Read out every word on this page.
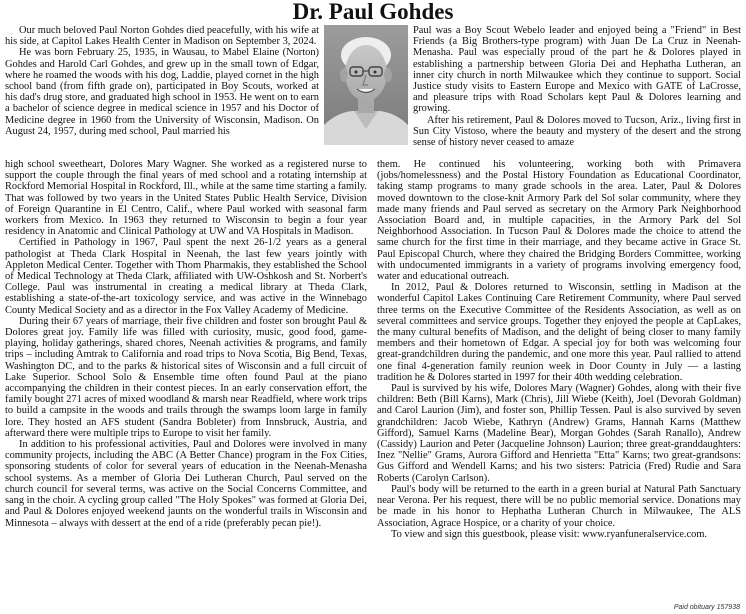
Dr. Paul Gohdes

Our much beloved Paul Norton Gohdes died peacefully, with his wife at his side, at Capitol Lakes Health Center in Madison on September 3, 2024.

He was born February 25, 1935, in Wausau, to Mabel Elaine (Norton) Gohdes and Harold Carl Gohdes, and grew up in the small town of Edgar, where he roamed the woods with his dog, Laddie, played cornet in the high school band (from fifth grade on), participated in Boy Scouts, worked at his dad's drug store, and graduated high school in 1953. He went on to earn a bachelor of science degree in medical science in 1957 and his Doctor of Medicine degree in 1960 from the University of Wisconsin, Madison. On August 24, 1957, during med school, Paul married his

Paul was a Boy Scout Webelo leader and enjoyed being a "Friend" in Best Friends (a Big Brothers-type program) with Juan De La Cruz in Neenah-Menasha. Paul was especially proud of the part he & Dolores played in establishing a partnership between Gloria Dei and Hephatha Lutheran, an inner city church in north Milwaukee which they continue to support. Social Justice study visits to Eastern Europe and Mexico with GATE of LaCrosse, and pleasure trips with Road Scholars kept Paul & Dolores learning and growing.

After his retirement, Paul & Dolores moved to Tucson, Ariz., living first in Sun City Vistoso, where the beauty and mystery of the desert and the strong sense of history never ceased to amaze

high school sweetheart, Dolores Mary Wagner. She worked as a registered nurse to support the couple through the final years of med school and a rotating internship at Rockford Memorial Hospital in Rockford, Ill., while at the same time starting a family. That was followed by two years in the United States Public Health Service, Division of Foreign Quarantine in El Centro, Calif., where Paul worked with seasonal farm workers from Mexico. In 1963 they returned to Wisconsin to begin a four year residency in Anatomic and Clinical Pathology at UW and VA Hospitals in Madison.

Certified in Pathology in 1967, Paul spent the next 26-1/2 years as a general pathologist at Theda Clark Hospital in Neenah, the last few years jointly with Appleton Medical Center. Together with Thom Pharmakis, they established the School of Medical Technology at Theda Clark, affiliated with UW-Oshkosh and St. Norbert's College. Paul was instrumental in creating a medical library at Theda Clark, establishing a state-of-the-art toxicology service, and was active in the Winnebago County Medical Society and as a director in the Fox Valley Academy of Medicine.

During their 67 years of marriage, their five children and foster son brought Paul & Dolores great joy. Family life was filled with curiosity, music, good food, game-playing, holiday gatherings, shared chores, Neenah activities & programs, and family trips – including Amtrak to California and road trips to Nova Scotia, Big Bend, Texas, Washington DC, and to the parks & historical sites of Wisconsin and a full circuit of Lake Superior. School Solo & Ensemble time often found Paul at the piano accompanying the children in their contest pieces. In an early conservation effort, the family bought 271 acres of mixed woodland & marsh near Readfield, where work trips to build a campsite in the woods and trails through the swamps loom large in family lore. They hosted an AFS student (Sandra Bobleter) from Innsbruck, Austria, and afterward there were multiple trips to Europe to visit her family.

In addition to his professional activities, Paul and Dolores were involved in many community projects, including the ABC (A Better Chance) program in the Fox Cities, sponsoring students of color for several years of education in the Neenah-Menasha school systems. As a member of Gloria Dei Lutheran Church, Paul served on the church council for several terms, was active on the Social Concerns Committee, and sang in the choir. A cycling group called "The Holy Spokes" was formed at Gloria Dei, and Paul & Dolores enjoyed weekend jaunts on the wonderful trails in Wisconsin and Minnesota – always with dessert at the end of a ride (preferably pecan pie!).

them. He continued his volunteering, working both with Primavera (jobs/homelessness) and the Postal History Foundation as Educational Coordinator, taking stamp programs to many grade schools in the area. Later, Paul & Dolores moved downtown to the close-knit Armory Park del Sol solar community, where they made many friends and Paul served as secretary on the Armory Park Neighborhood Association Board and, in multiple capacities, in the Armory Park del Sol Neighborhood Association. In Tucson Paul & Dolores made the choice to attend the same church for the first time in their marriage, and they became active in Grace St. Paul Episcopal Church, where they chaired the Bridging Borders Committee, working with undocumented immigrants in a variety of programs involving emergency food, water and educational outreach.

In 2012, Paul & Dolores returned to Wisconsin, settling in Madison at the wonderful Capitol Lakes Continuing Care Retirement Community, where Paul served three terms on the Executive Committee of the Residents Association, as well as on several committees and service groups. Together they enjoyed the people at CapLakes, the many cultural benefits of Madison, and the delight of being closer to many family members and their hometown of Edgar. A special joy for both was welcoming four great-grandchildren during the pandemic, and one more this year. Paul rallied to attend one final 4-generation family reunion week in Door County in July — a lasting tradition he & Dolores started in 1997 for their 40th wedding celebration.

Paul is survived by his wife, Dolores Mary (Wagner) Gohdes, along with their five children: Beth (Bill Karns), Mark (Chris), Jill Wiebe (Keith), Joel (Devorah Goldman) and Carol Laurion (Jim), and foster son, Phillip Tessen. Paul is also survived by seven grandchildren: Jacob Wiebe, Kathryn (Andrew) Grams, Hannah Karns (Matthew Gifford), Samuel Karns (Madeline Bear), Morgan Gohdes (Sarah Ranallo), Andrew (Cassidy) Laurion and Peter (Jacqueline Johnson) Laurion; three great-granddaughters: Inez "Nellie" Grams, Aurora Gifford and Henrietta "Etta" Karns; two great-grandsons: Gus Gifford and Wendell Karns; and his two sisters: Patricia (Fred) Rudie and Sara Roberts (Carolyn Carlson).

Paul's body will be returned to the earth in a green burial at Natural Path Sanctuary near Verona. Per his request, there will be no public memorial service. Donations may be made in his honor to Hephatha Lutheran Church in Milwaukee, The ALS Association, Agrace Hospice, or a charity of your choice.

To view and sign this guestbook, please visit: www.ryanfuneralservice.com.

Paid obituary 157938
